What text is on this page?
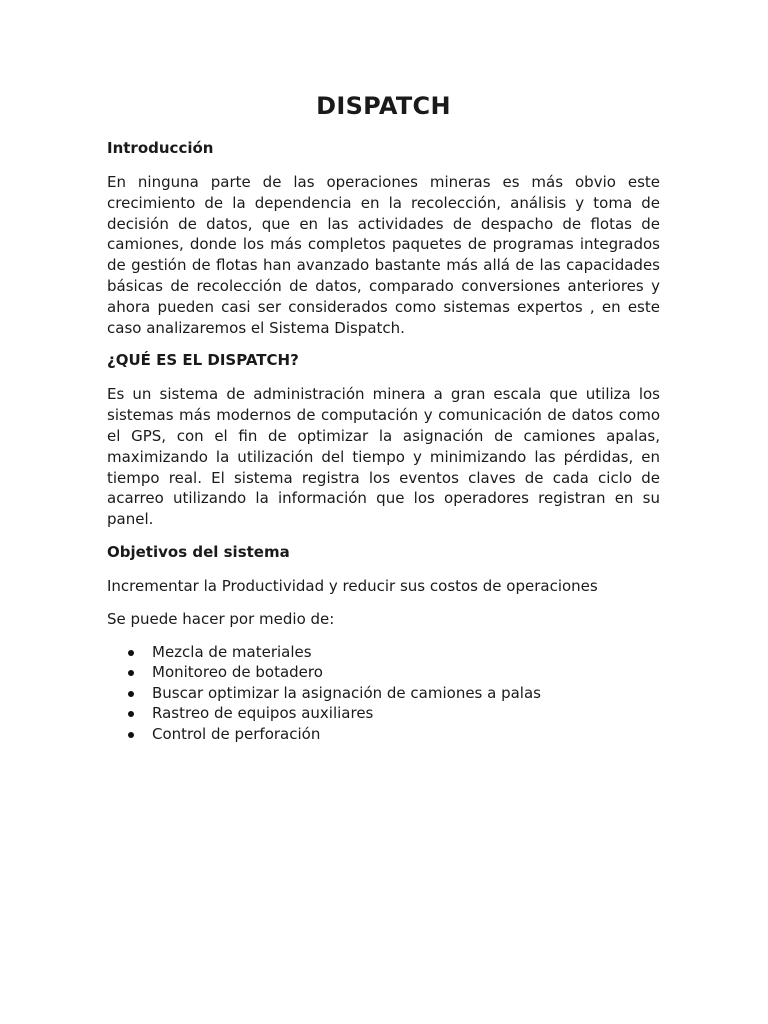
DISPATCH
Introducción

En ninguna parte de las operaciones mineras es más obvio este crecimiento de la dependencia en la recolección, análisis y toma de decisión de datos, que en las actividades de despacho de flotas de camiones, donde los más completos paquetes de programas integrados de gestión de flotas han avanzado bastante más allá de las capacidades básicas de recolección de datos, comparado conversiones anteriores y ahora pueden casi ser considerados como sistemas expertos , en este caso analizaremos el Sistema Dispatch.

¿QUÉ ES EL DISPATCH?

Es un sistema de administración minera a gran escala que utiliza los sistemas más modernos de computación y comunicación de datos como el GPS, con el fin de optimizar la asignación de camiones apalas, maximizando la utilización del tiempo y minimizando las pérdidas, en tiempo real. El sistema registra los eventos claves de cada ciclo de acarreo utilizando la información que los operadores registran en su panel.

Objetivos del sistema

Incrementar la Productividad y reducir sus costos de operaciones

Se puede hacer por medio de:

Mezcla de materiales
Monitoreo de botadero
Buscar optimizar la asignación de camiones a palas
Rastreo de equipos auxiliares
Control de perforación
